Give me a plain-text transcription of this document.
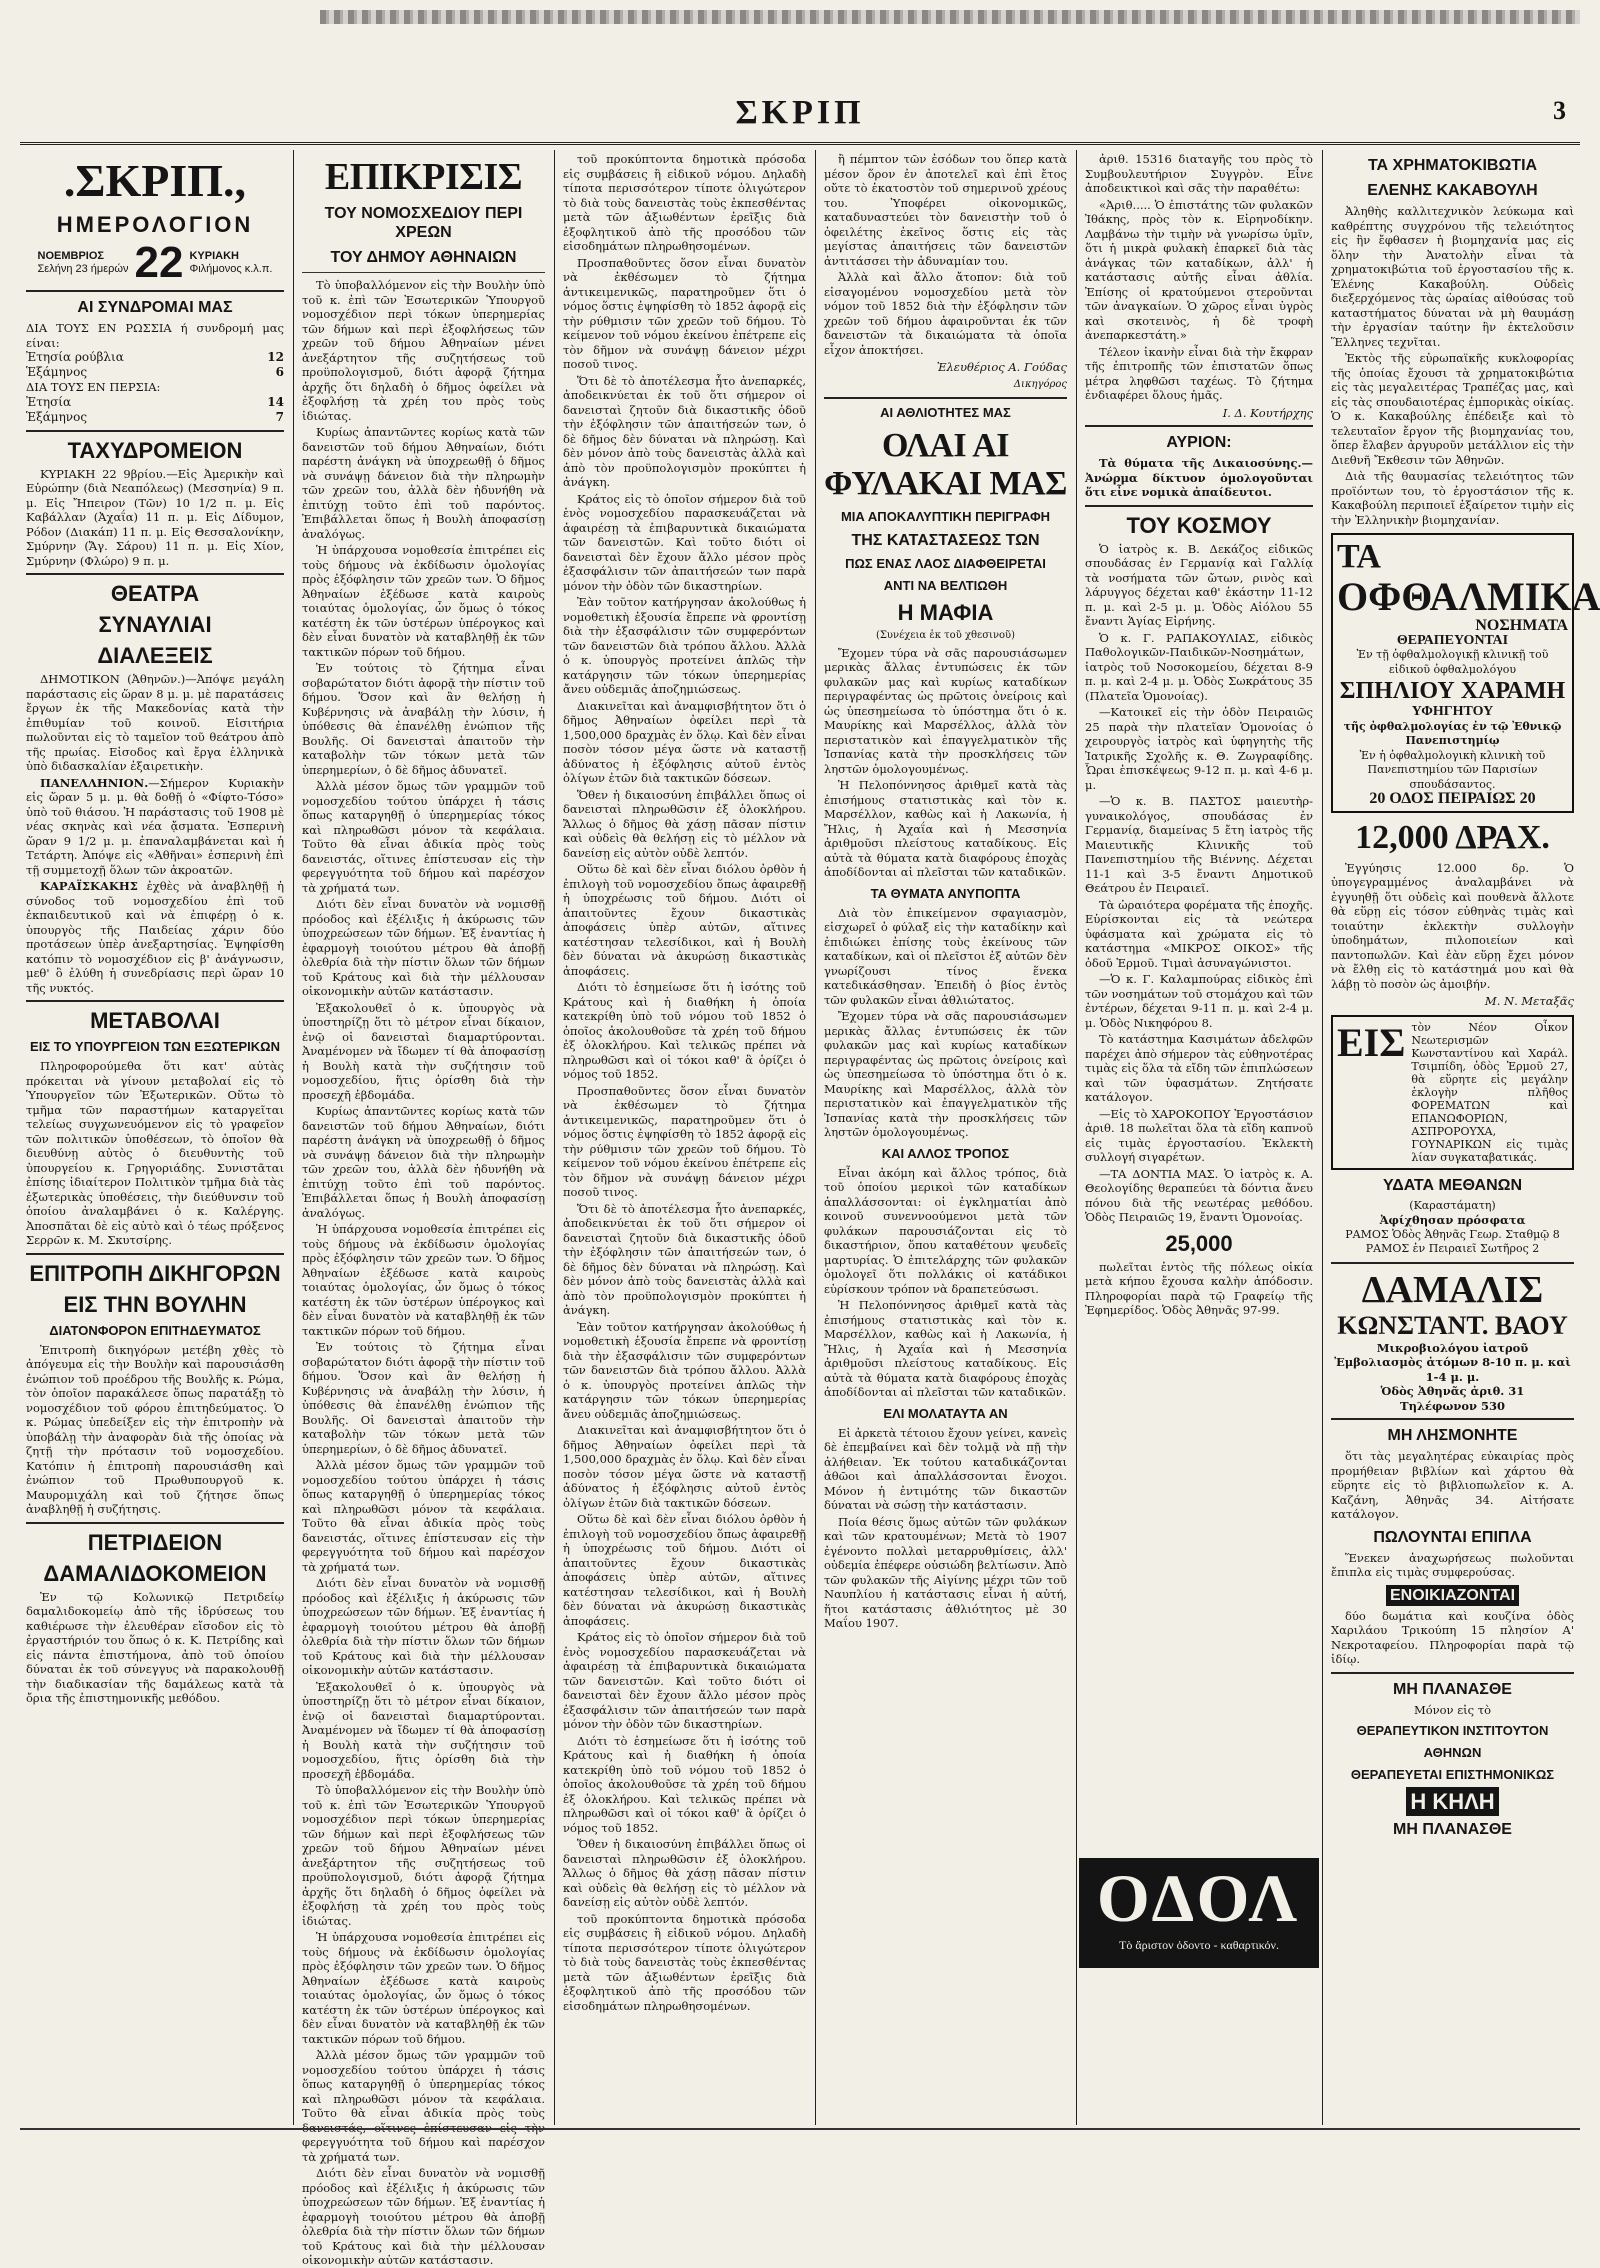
ΣΚΡΙΠ	3
.ΣΚΡΙΠ.,
ΗΜΕΡΟΛΟΓΙΟΝ
ΝΟΕΜΒΡΙΟΣ
Σελήνη 23 ήμερών 22 ΚΥΡΙΑΚΗ
Φιλήμονος κ.λ.π.
ΑΙ ΣΥΝΔΡΟΜΑΙ ΜΑΣ
ΔΙΑ ΤΟΥΣ ΕΝ ΡΩΣΣΙΑ ή συνδρομή μας είναι:
Ἐτησία ρούβλια	12
Ἑξάμηνος	6
ΔΙΑ ΤΟΥΣ ΕΝ ΠΕΡΣΙΑ:
Ἐτησία	14
Ἑξάμηνος	7
ΤΑΧΥΔΡΟΜΕΙΟΝ
ΚΥΡΙΑΚΗ 22 9βρίου.—Εἰς Ἀμερικὴν καὶ Εὐρώπην (διὰ Νεαπόλεως) (Μεσσηνία) 9 π. μ. Εἰς Ἤπειρον (Τῶν) 10 1/2 π. μ. Εἰς Καβάλλαν (Ἀχαΐα) 11 π. μ. Εἰς Δίδυμον, Ρόδον (Διακάπ) 11 π. μ. Εἰς Θεσσαλονίκην, Σμύρνην (Ἄγ. Σάρου) 11 π. μ. Εἰς Χίον, Σμύρνην (Φλώρο) 9 π. μ.
ΘΕΑΤΡΑ
ΣΥΝΑΥΛΙΑΙ
ΔΙΑΛΕΞΕΙΣ
ΔΗΜΟΤΙΚΟΝ (Ἀθηνῶν.)—Ἀπόψε μεγάλη παράστασις εἰς ὥραν 8 μ. μ. μὲ παρατάσεις ἔργων ἐκ τῆς Μακεδονίας κατὰ τὴν ἐπιθυμίαν τοῦ κοινοῦ. Εἰσιτήρια πωλοῦνται εἰς τὸ ταμεῖον τοῦ θεάτρου ἀπὸ τῆς πρωίας. Εἰσοδος καὶ ἔργα ἑλληνικὰ ὑπὸ διδασκαλίαν ἐξαιρετικὴν.
ΠΑΝΕΛΛΗΝΙΟΝ.—Σήμερον Κυριακὴν εἰς ὥραν 5 μ. μ. θὰ δοθῇ ὁ «Φίφτο-Τόσο» ὑπὸ τοῦ θιάσου. Ἡ παράστασις τοῦ 1908 μὲ νέας σκηνὰς καὶ νέα ᾄσματα. Ἑσπερινὴ ὥραν 9 1/2 μ. μ. ἐπαναλαμβάνεται καὶ ἡ Τετάρτη. Ἀπόψε εἰς «Ἀθῆναι» ἐσπερινὴ ἐπὶ τῇ συμμετοχῇ ὅλων τῶν ἀκροατῶν.
ΚΑΡΑΪΣΚΑΚΗΣ ἐχθὲς νὰ ἀναβληθῇ ἡ σύνοδος τοῦ νομοσχεδίου ἐπὶ τοῦ ἐκπαιδευτικοῦ καὶ νὰ ἐπιφέρῃ ὁ κ. ὑπουργὸς τῆς Παιδείας χάριν δύο προτάσεων ὑπὲρ ἀνεξαρτησίας. Ἐψηφίσθη κατόπιν τὸ νομοσχέδιον εἰς β' ἀνάγνωσιν, μεθ' ὃ ἐλύθη ἡ συνεδρίασις περὶ ὥραν 10 τῆς νυκτός.
ΜΕΤΑΒΟΛΑΙ
ΕΙΣ ΤΟ ΥΠΟΥΡΓΕΙΟΝ ΤΩΝ ΕΞΩΤΕΡΙΚΩΝ
Πληροφορούμεθα ὅτι κατ' αὐτὰς πρόκειται νὰ γίνουν μεταβολαί εἰς τὸ Ὑπουργεῖον τῶν Ἐξωτερικῶν. Οὕτω τὸ τμῆμα τῶν παραστήμων καταργεῖται τελείως συγχωνευόμενον εἰς τὸ γραφεῖον τῶν πολιτικῶν ὑποθέσεων, τὸ ὁποῖον θὰ διευθύνῃ αὐτὸς ὁ διευθυντὴς τοῦ ὑπουργείου κ. Γρηγοριάδης. Συνιστᾶται ἐπίσης ἰδιαίτερον Πολιτικὸν τμῆμα διὰ τὰς ἐξωτερικὰς ὑποθέσεις, τὴν διεύθυνσιν τοῦ ὁποίου ἀναλαμβάνει ὁ κ. Καλέργης. Ἀποσπᾶται δὲ εἰς αὐτὸ καὶ ὁ τέως πρόξενος Σερρῶν κ. Μ. Σκυτσίρης.
ΕΠΙΤΡΟΠΗ ΔΙΚΗΓΟΡΩΝ
ΕΙΣ ΤΗΝ ΒΟΥΛΗΝ
ΔΙΑΤΟΝΦΟΡΟΝ ΕΠΙΤΗΔΕΥΜΑΤΟΣ
Ἐπιτροπὴ δικηγόρων μετέβη χθὲς τὸ ἀπόγευμα εἰς τὴν Βουλὴν καὶ παρουσιάσθη ἐνώπιον τοῦ προέδρου τῆς Βουλῆς κ. Ρώμα, τὸν ὁποῖον παρακάλεσε ὅπως παρατάξῃ τὸ νομοσχέδιον τοῦ φόρου ἐπιτηδεύματος. Ὁ κ. Ρώμας ὑπεδείξεν εἰς τὴν ἐπιτροπὴν νὰ ὑποβάλῃ τὴν ἀναφορὰν διὰ τῆς ὁποίας νὰ ζητῇ τὴν πρότασιν τοῦ νομοσχεδίου. Κατόπιν ἡ ἐπιτροπὴ παρουσιάσθη καὶ ἐνώπιον τοῦ Πρωθυπουργοῦ κ. Μαυρομιχάλη καὶ τοῦ ζήτησε ὅπως ἀναβληθῇ ἡ συζήτησις.
ΠΕΤΡΙΔΕΙΟΝ
ΔΑΜΑΛΙΔΟΚΟΜΕΙΟΝ
Ἐν τῷ Κολωνικῷ Πετριδείῳ δαμαλιδοκομείῳ ἀπὸ τῆς ἰδρύσεως του καθιέρωσε τὴν ἐλευθέραν εἴσοδον εἰς τὸ ἐργαστήριόν του ὅπως ὁ κ. Κ. Πετρίδης καὶ εἰς πάντα ἐπιστήμονα, ἀπὸ τοῦ ὁποίου δύναται ἐκ τοῦ σύνεγγυς νὰ παρακολουθῇ τὴν διαδικασίαν τῆς δαμάλεως κατὰ τὰ ὄρια τῆς ἐπιστημονικῆς μεθόδου.
ΕΠΙΚΡΙΣΙΣ
ΤΟΥ ΝΟΜΟΣΧΕΔΙΟΥ ΠΕΡΙ ΧΡΕΩΝ
ΤΟΥ ΔΗΜΟΥ ΑΘΗΝΑΙΩΝ
Τὸ ὑποβαλλόμενον εἰς τὴν Βουλὴν ὑπὸ τοῦ κ. ἐπὶ τῶν Ἐσωτερικῶν Ὑπουργοῦ νομοσχέδιον περὶ τόκων ὑπερημερίας τῶν δήμων καὶ περὶ ἐξοφλήσεως τῶν χρεῶν τοῦ δήμου Ἀθηναίων μένει ἀνεξάρτητον τῆς συζητήσεως τοῦ προϋπολογισμοῦ, διότι ἀφορᾷ ζήτημα ἀρχῆς ὅτι δηλαδὴ ὁ δῆμος ὀφείλει νὰ ἐξοφλήσῃ τὰ χρέη του πρὸς τοὺς ἰδιώτας.
Κυρίως ἀπαντῶντες κορίως κατὰ τῶν δανειστῶν τοῦ δήμου Ἀθηναίων, διότι παρέστη ἀνάγκη νὰ ὑποχρεωθῇ ὁ δῆμος νὰ συνάψῃ δάνειον διὰ τὴν πληρωμὴν τῶν χρεῶν του, ἀλλὰ δὲν ἠδυνήθη νὰ ἐπιτύχῃ τοῦτο ἐπὶ τοῦ παρόντος. Ἐπιβάλλεται ὅπως ἡ Βουλὴ ἀποφασίσῃ ἀναλόγως.
Ἡ ὑπάρχουσα νομοθεσία ἐπιτρέπει εἰς τοὺς δήμους νὰ ἐκδίδωσιν ὁμολογίας πρὸς ἐξόφλησιν τῶν χρεῶν των. Ὁ δῆμος Ἀθηναίων ἐξέδωσε κατὰ καιροὺς τοιαύτας ὁμολογίας, ὧν ὅμως ὁ τόκος κατέστη ἐκ τῶν ὑστέρων ὑπέρογκος καὶ δὲν εἶναι δυνατὸν νὰ καταβληθῇ ἐκ τῶν τακτικῶν πόρων τοῦ δήμου.
Ἐν τούτοις τὸ ζήτημα εἶναι σοβαρώτατον διότι ἀφορᾷ τὴν πίστιν τοῦ δήμου. Ὅσον καὶ ἂν θελήσῃ ἡ Κυβέρνησις νὰ ἀναβάλῃ τὴν λύσιν, ἡ ὑπόθεσις θὰ ἐπανέλθῃ ἐνώπιον τῆς Βουλῆς. Οἱ δανεισταὶ ἀπαιτοῦν τὴν καταβολὴν τῶν τόκων μετὰ τῶν ὑπερημερίων, ὁ δὲ δῆμος ἀδυνατεῖ.
Ἀλλὰ μέσον ὅμως τῶν γραμμῶν τοῦ νομοσχεδίου τούτου ὑπάρχει ἡ τάσις ὅπως καταργηθῇ ὁ ὑπερημερίας τόκος καὶ πληρωθῶσι μόνον τὰ κεφάλαια. Τοῦτο θὰ εἶναι ἀδικία πρὸς τοὺς δανειστάς, οἵτινες ἐπίστευσαν εἰς τὴν φερεγγυότητα τοῦ δήμου καὶ παρέσχον τὰ χρήματά των.
Διότι δὲν εἶναι δυνατὸν νὰ νομισθῇ πρόοδος καὶ ἐξέλιξις ἡ ἀκύρωσις τῶν ὑποχρεώσεων τῶν δήμων. Ἐξ ἐναντίας ἡ ἐφαρμογὴ τοιούτου μέτρου θὰ ἀποβῇ ὀλεθρία διὰ τὴν πίστιν ὅλων τῶν δήμων τοῦ Κράτους καὶ διὰ τὴν μέλλουσαν οἰκονομικὴν αὐτῶν κατάστασιν.
Ἐξακολουθεῖ ὁ κ. ὑπουργὸς νὰ ὑποστηρίζῃ ὅτι τὸ μέτρον εἶναι δίκαιον, ἐνῷ οἱ δανεισταὶ διαμαρτύρονται. Ἀναμένομεν νὰ ἴδωμεν τί θὰ ἀποφασίσῃ ἡ Βουλὴ κατὰ τὴν συζήτησιν τοῦ νομοσχεδίου, ἥτις ὁρίσθη διὰ τὴν προσεχῆ ἑβδομάδα.
Κυρίως ἀπαντῶντες κορίως κατὰ τῶν δανειστῶν τοῦ δήμου Ἀθηναίων, διότι παρέστη ἀνάγκη νὰ ὑποχρεωθῇ ὁ δῆμος νὰ συνάψῃ δάνειον διὰ τὴν πληρωμὴν τῶν χρεῶν του, ἀλλὰ δὲν ἠδυνήθη νὰ ἐπιτύχῃ τοῦτο ἐπὶ τοῦ παρόντος. Ἐπιβάλλεται ὅπως ἡ Βουλὴ ἀποφασίσῃ ἀναλόγως.
Ἡ ὑπάρχουσα νομοθεσία ἐπιτρέπει εἰς τοὺς δήμους νὰ ἐκδίδωσιν ὁμολογίας πρὸς ἐξόφλησιν τῶν χρεῶν των. Ὁ δῆμος Ἀθηναίων ἐξέδωσε κατὰ καιροὺς τοιαύτας ὁμολογίας, ὧν ὅμως ὁ τόκος κατέστη ἐκ τῶν ὑστέρων ὑπέρογκος καὶ δὲν εἶναι δυνατὸν νὰ καταβληθῇ ἐκ τῶν τακτικῶν πόρων τοῦ δήμου.
Ἐν τούτοις τὸ ζήτημα εἶναι σοβαρώτατον διότι ἀφορᾷ τὴν πίστιν τοῦ δήμου. Ὅσον καὶ ἂν θελήσῃ ἡ Κυβέρνησις νὰ ἀναβάλῃ τὴν λύσιν, ἡ ὑπόθεσις θὰ ἐπανέλθῃ ἐνώπιον τῆς Βουλῆς. Οἱ δανεισταὶ ἀπαιτοῦν τὴν καταβολὴν τῶν τόκων μετὰ τῶν ὑπερημερίων, ὁ δὲ δῆμος ἀδυνατεῖ.
Ἀλλὰ μέσον ὅμως τῶν γραμμῶν τοῦ νομοσχεδίου τούτου ὑπάρχει ἡ τάσις ὅπως καταργηθῇ ὁ ὑπερημερίας τόκος καὶ πληρωθῶσι μόνον τὰ κεφάλαια. Τοῦτο θὰ εἶναι ἀδικία πρὸς τοὺς δανειστάς, οἵτινες ἐπίστευσαν εἰς τὴν φερεγγυότητα τοῦ δήμου καὶ παρέσχον τὰ χρήματά των.
Διότι δὲν εἶναι δυνατὸν νὰ νομισθῇ πρόοδος καὶ ἐξέλιξις ἡ ἀκύρωσις τῶν ὑποχρεώσεων τῶν δήμων. Ἐξ ἐναντίας ἡ ἐφαρμογὴ τοιούτου μέτρου θὰ ἀποβῇ ὀλεθρία διὰ τὴν πίστιν ὅλων τῶν δήμων τοῦ Κράτους καὶ διὰ τὴν μέλλουσαν οἰκονομικὴν αὐτῶν κατάστασιν.
Ἐξακολουθεῖ ὁ κ. ὑπουργὸς νὰ ὑποστηρίζῃ ὅτι τὸ μέτρον εἶναι δίκαιον, ἐνῷ οἱ δανεισταὶ διαμαρτύρονται. Ἀναμένομεν νὰ ἴδωμεν τί θὰ ἀποφασίσῃ ἡ Βουλὴ κατὰ τὴν συζήτησιν τοῦ νομοσχεδίου, ἥτις ὁρίσθη διὰ τὴν προσεχῆ ἑβδομάδα.
Τὸ ὑποβαλλόμενον εἰς τὴν Βουλὴν ὑπὸ τοῦ κ. ἐπὶ τῶν Ἐσωτερικῶν Ὑπουργοῦ νομοσχέδιον περὶ τόκων ὑπερημερίας τῶν δήμων καὶ περὶ ἐξοφλήσεως τῶν χρεῶν τοῦ δήμου Ἀθηναίων μένει ἀνεξάρτητον τῆς συζητήσεως τοῦ προϋπολογισμοῦ, διότι ἀφορᾷ ζήτημα ἀρχῆς ὅτι δηλαδὴ ὁ δῆμος ὀφείλει νὰ ἐξοφλήσῃ τὰ χρέη του πρὸς τοὺς ἰδιώτας.
Ἡ ὑπάρχουσα νομοθεσία ἐπιτρέπει εἰς τοὺς δήμους νὰ ἐκδίδωσιν ὁμολογίας πρὸς ἐξόφλησιν τῶν χρεῶν των. Ὁ δῆμος Ἀθηναίων ἐξέδωσε κατὰ καιροὺς τοιαύτας ὁμολογίας, ὧν ὅμως ὁ τόκος κατέστη ἐκ τῶν ὑστέρων ὑπέρογκος καὶ δὲν εἶναι δυνατὸν νὰ καταβληθῇ ἐκ τῶν τακτικῶν πόρων τοῦ δήμου.
Ἀλλὰ μέσον ὅμως τῶν γραμμῶν τοῦ νομοσχεδίου τούτου ὑπάρχει ἡ τάσις ὅπως καταργηθῇ ὁ ὑπερημερίας τόκος καὶ πληρωθῶσι μόνον τὰ κεφάλαια. Τοῦτο θὰ εἶναι ἀδικία πρὸς τοὺς δανειστάς, οἵτινες ἐπίστευσαν εἰς τὴν φερεγγυότητα τοῦ δήμου καὶ παρέσχον τὰ χρήματά των.
Διότι δὲν εἶναι δυνατὸν νὰ νομισθῇ πρόοδος καὶ ἐξέλιξις ἡ ἀκύρωσις τῶν ὑποχρεώσεων τῶν δήμων. Ἐξ ἐναντίας ἡ ἐφαρμογὴ τοιούτου μέτρου θὰ ἀποβῇ ὀλεθρία διὰ τὴν πίστιν ὅλων τῶν δήμων τοῦ Κράτους καὶ διὰ τὴν μέλλουσαν οἰκονομικὴν αὐτῶν κατάστασιν.
τοῦ προκύπτοντα δημοτικὰ πρόσοδα εἰς συμβάσεις ἢ εἰδικοῦ νόμου. Δηλαδὴ τίποτα περισσότερον τίποτε ὀλιγώτερον τὸ διὰ τοὺς δανειστὰς τοὺς ἐκπεσθέντας μετὰ τῶν ἀξιωθέντων ἐρεῖξις διὰ ἐξοφλητικοῦ ἀπὸ τῆς προσόδου τῶν εἰσοδημάτων πληρωθησομένων.
Προσπαθοῦντες ὅσον εἶναι δυνατὸν νὰ ἐκθέσωμεν τὸ ζήτημα ἀντικειμενικῶς, παρατηροῦμεν ὅτι ὁ νόμος ὅστις ἐψηφίσθη τὸ 1852 ἀφορᾷ εἰς τὴν ρύθμισιν τῶν χρεῶν τοῦ δήμου. Τὸ κείμενον τοῦ νόμου ἐκείνου ἐπέτρεπε εἰς τὸν δῆμον νὰ συνάψῃ δάνειον μέχρι ποσοῦ τινος.
Ὅτι δὲ τὸ ἀποτέλεσμα ἦτο ἀνεπαρκές, ἀποδεικνύεται ἐκ τοῦ ὅτι σήμερον οἱ δανεισταὶ ζητοῦν διὰ δικαστικῆς ὁδοῦ τὴν ἐξόφλησιν τῶν ἀπαιτήσεών των, ὁ δὲ δῆμος δὲν δύναται νὰ πληρώσῃ. Καὶ δὲν μόνον ἀπὸ τοὺς δανειστὰς ἀλλὰ καὶ ἀπὸ τὸν προϋπολογισμὸν προκύπτει ἡ ἀνάγκη.
Κράτος εἰς τὸ ὁποῖον σήμερον διὰ τοῦ ἑνὸς νομοσχεδίου παρασκευάζεται νὰ ἀφαιρέσῃ τὰ ἐπιβαρυντικὰ δικαιώματα τῶν δανειστῶν. Καὶ τοῦτο διότι οἱ δανεισταὶ δὲν ἔχουν ἄλλο μέσον πρὸς ἐξασφάλισιν τῶν ἀπαιτήσεών των παρὰ μόνον τὴν ὁδὸν τῶν δικαστηρίων.
Ἐὰν τοῦτον κατήργησαν ἀκολούθως ἡ νομοθετικὴ ἐξουσία ἔπρεπε νὰ φροντίσῃ διὰ τὴν ἐξασφάλισιν τῶν συμφερόντων τῶν δανειστῶν διὰ τρόπου ἄλλου. Ἀλλὰ ὁ κ. ὑπουργὸς προτείνει ἁπλῶς τὴν κατάργησιν τῶν τόκων ὑπερημερίας ἄνευ οὐδεμιᾶς ἀποζημιώσεως.
Διακινεῖται καὶ ἀναμφισβήτητον ὅτι ὁ δῆμος Ἀθηναίων ὀφείλει περὶ τὰ 1,500,000 δραχμὰς ἐν ὅλῳ. Καὶ δὲν εἶναι ποσὸν τόσον μέγα ὥστε νὰ καταστῇ ἀδύνατος ἡ ἐξόφλησις αὐτοῦ ἐντὸς ὀλίγων ἐτῶν διὰ τακτικῶν δόσεων.
Ὅθεν ἡ δικαιοσύνη ἐπιβάλλει ὅπως οἱ δανεισταὶ πληρωθῶσιν ἐξ ὁλοκλήρου. Ἄλλως ὁ δῆμος θὰ χάσῃ πᾶσαν πίστιν καὶ οὐδεὶς θὰ θελήσῃ εἰς τὸ μέλλον νὰ δανείσῃ εἰς αὐτὸν οὐδὲ λεπτόν.
Οὕτω δὲ καὶ δὲν εἶναι διόλου ὀρθὸν ἡ ἐπιλογὴ τοῦ νομοσχεδίου ὅπως ἀφαιρεθῇ ἡ ὑποχρέωσις τοῦ δήμου. Διότι οἱ ἀπαιτοῦντες ἔχουν δικαστικὰς ἀποφάσεις ὑπὲρ αὐτῶν, αἵτινες κατέστησαν τελεσίδικοι, καὶ ἡ Βουλὴ δὲν δύναται νὰ ἀκυρώσῃ δικαστικὰς ἀποφάσεις.
Διότι τὸ ἐσημείωσε ὅτι ἡ ἰσότης τοῦ Κράτους καὶ ἡ διαθήκη ἡ ὁποία κατεκρίθη ὑπὸ τοῦ νόμου τοῦ 1852 ὁ ὁποῖος ἀκολουθοῦσε τὰ χρέη τοῦ δήμου ἐξ ὁλοκλήρου. Καὶ τελικῶς πρέπει νὰ πληρωθῶσι καὶ οἱ τόκοι καθ' ἃ ὁρίζει ὁ νόμος τοῦ 1852.
Προσπαθοῦντες ὅσον εἶναι δυνατὸν νὰ ἐκθέσωμεν τὸ ζήτημα ἀντικειμενικῶς, παρατηροῦμεν ὅτι ὁ νόμος ὅστις ἐψηφίσθη τὸ 1852 ἀφορᾷ εἰς τὴν ρύθμισιν τῶν χρεῶν τοῦ δήμου. Τὸ κείμενον τοῦ νόμου ἐκείνου ἐπέτρεπε εἰς τὸν δῆμον νὰ συνάψῃ δάνειον μέχρι ποσοῦ τινος.
Ὅτι δὲ τὸ ἀποτέλεσμα ἦτο ἀνεπαρκές, ἀποδεικνύεται ἐκ τοῦ ὅτι σήμερον οἱ δανεισταὶ ζητοῦν διὰ δικαστικῆς ὁδοῦ τὴν ἐξόφλησιν τῶν ἀπαιτήσεών των, ὁ δὲ δῆμος δὲν δύναται νὰ πληρώσῃ. Καὶ δὲν μόνον ἀπὸ τοὺς δανειστὰς ἀλλὰ καὶ ἀπὸ τὸν προϋπολογισμὸν προκύπτει ἡ ἀνάγκη.
Ἐὰν τοῦτον κατήργησαν ἀκολούθως ἡ νομοθετικὴ ἐξουσία ἔπρεπε νὰ φροντίσῃ διὰ τὴν ἐξασφάλισιν τῶν συμφερόντων τῶν δανειστῶν διὰ τρόπου ἄλλου. Ἀλλὰ ὁ κ. ὑπουργὸς προτείνει ἁπλῶς τὴν κατάργησιν τῶν τόκων ὑπερημερίας ἄνευ οὐδεμιᾶς ἀποζημιώσεως.
Διακινεῖται καὶ ἀναμφισβήτητον ὅτι ὁ δῆμος Ἀθηναίων ὀφείλει περὶ τὰ 1,500,000 δραχμὰς ἐν ὅλῳ. Καὶ δὲν εἶναι ποσὸν τόσον μέγα ὥστε νὰ καταστῇ ἀδύνατος ἡ ἐξόφλησις αὐτοῦ ἐντὸς ὀλίγων ἐτῶν διὰ τακτικῶν δόσεων.
Οὕτω δὲ καὶ δὲν εἶναι διόλου ὀρθὸν ἡ ἐπιλογὴ τοῦ νομοσχεδίου ὅπως ἀφαιρεθῇ ἡ ὑποχρέωσις τοῦ δήμου. Διότι οἱ ἀπαιτοῦντες ἔχουν δικαστικὰς ἀποφάσεις ὑπὲρ αὐτῶν, αἵτινες κατέστησαν τελεσίδικοι, καὶ ἡ Βουλὴ δὲν δύναται νὰ ἀκυρώσῃ δικαστικὰς ἀποφάσεις.
Κράτος εἰς τὸ ὁποῖον σήμερον διὰ τοῦ ἑνὸς νομοσχεδίου παρασκευάζεται νὰ ἀφαιρέσῃ τὰ ἐπιβαρυντικὰ δικαιώματα τῶν δανειστῶν. Καὶ τοῦτο διότι οἱ δανεισταὶ δὲν ἔχουν ἄλλο μέσον πρὸς ἐξασφάλισιν τῶν ἀπαιτήσεών των παρὰ μόνον τὴν ὁδὸν τῶν δικαστηρίων.
Διότι τὸ ἐσημείωσε ὅτι ἡ ἰσότης τοῦ Κράτους καὶ ἡ διαθήκη ἡ ὁποία κατεκρίθη ὑπὸ τοῦ νόμου τοῦ 1852 ὁ ὁποῖος ἀκολουθοῦσε τὰ χρέη τοῦ δήμου ἐξ ὁλοκλήρου. Καὶ τελικῶς πρέπει νὰ πληρωθῶσι καὶ οἱ τόκοι καθ' ἃ ὁρίζει ὁ νόμος τοῦ 1852.
Ὅθεν ἡ δικαιοσύνη ἐπιβάλλει ὅπως οἱ δανεισταὶ πληρωθῶσιν ἐξ ὁλοκλήρου. Ἄλλως ὁ δῆμος θὰ χάσῃ πᾶσαν πίστιν καὶ οὐδεὶς θὰ θελήσῃ εἰς τὸ μέλλον νὰ δανείσῃ εἰς αὐτὸν οὐδὲ λεπτόν.
τοῦ προκύπτοντα δημοτικὰ πρόσοδα εἰς συμβάσεις ἢ εἰδικοῦ νόμου. Δηλαδὴ τίποτα περισσότερον τίποτε ὀλιγώτερον τὸ διὰ τοὺς δανειστὰς τοὺς ἐκπεσθέντας μετὰ τῶν ἀξιωθέντων ἐρεῖξις διὰ ἐξοφλητικοῦ ἀπὸ τῆς προσόδου τῶν εἰσοδημάτων πληρωθησομένων.
ἢ πέμπτον τῶν ἐσόδων του ὅπερ κατὰ μέσον ὅρον ἐν ἀποτελεῖ καὶ ἐπὶ ἔτος οὔτε τὸ ἑκατοστὸν τοῦ σημερινοῦ χρέους του. Ὑποφέρει οἰκονομικῶς, καταδυναστεύει τὸν δανειστὴν τοῦ ὁ ὀφειλέτης ἐκεῖνος ὅστις εἰς τὰς μεγίστας ἀπαιτήσεις τῶν δανειστῶν ἀντιτάσσει τὴν ἀδυναμίαν του.
Ἀλλὰ καὶ ἄλλο ἄτοπον: διὰ τοῦ εἰσαγομένου νομοσχεδίου μετὰ τὸν νόμον τοῦ 1852 διὰ τὴν ἐξόφλησιν τῶν χρεῶν τοῦ δήμου ἀφαιροῦνται ἐκ τῶν δανειστῶν τὰ δικαιώματα τὰ ὁποῖα εἶχον ἀποκτήσει.
Ἐλευθέριος Α. Γούδας
Δικηγόρος
ΑΙ ΑΘΛΙΟΤΗΤΕΣ ΜΑΣ
ΟΛΑΙ ΑΙ ΦΥΛΑΚΑΙ ΜΑΣ
ΜΙΑ ΑΠΟΚΑΛΥΠΤΙΚΗ ΠΕΡΙΓΡΑΦΗ
ΤΗΣ ΚΑΤΑΣΤΑΣΕΩΣ ΤΩΝ
ΠΩΣ ΕΝΑΣ ΛΑΟΣ ΔΙΑΦΘΕΙΡΕΤΑΙ
ΑΝΤΙ ΝΑ ΒΕΛΤΙΩΘΗ
Η ΜΑΦΙΑ
(Συνέχεια ἐκ τοῦ χθεσινοῦ)
Ἔχομεν τύρα νὰ σᾶς παρουσιάσωμεν μερικὰς ἄλλας ἐντυπώσεις ἐκ τῶν φυλακῶν μας καὶ κυρίως καταδίκων περιγραφέντας ὡς πρῶτοις ὀνείροις καὶ ὡς ὑπεσημείωσα τὸ ὑπόστημα ὅτι ὁ κ. Μαυρίκης καὶ Μαρσέλλος, ἀλλὰ τὸν περιστατικὸν καὶ ἐπαγγελματικὸν τῆς Ἰσπανίας κατὰ τὴν προσκλήσεις τῶν ληστῶν ὁμολογουμένως.
Ἡ Πελοπόννησος ἀριθμεῖ κατὰ τὰς ἐπισήμους στατιστικὰς καὶ τὸν κ. Μαρσέλλον, καθὼς καὶ ἡ Λακωνία, ἡ Ἤλις, ἡ Ἀχαΐα καὶ ἡ Μεσσηνία ἀριθμοῦσι πλείστους καταδίκους. Εἰς αὐτὰ τὰ θύματα κατὰ διαφόρους ἐποχὰς ἀποδίδονται αἱ πλεῖσται τῶν καταδικῶν.
ΤΑ ΘΥΜΑΤΑ ΑΝΥΠΟΠΤΑ
Διὰ τὸν ἐπικείμενον σφαγιασμὸν, εἰσχωρεῖ ὁ φύλαξ εἰς τὴν καταδίκην καὶ ἐπιδιώκει ἐπίσης τοὺς ἐκείνους τῶν καταδίκων, καὶ οἱ πλεῖστοι ἐξ αὐτῶν δὲν γνωρίζουσι τίνος ἕνεκα κατεδικάσθησαν. Ἐπειδὴ ὁ βίος ἐντὸς τῶν φυλακῶν εἶναι ἀθλιώτατος.
Ἔχομεν τύρα νὰ σᾶς παρουσιάσωμεν μερικὰς ἄλλας ἐντυπώσεις ἐκ τῶν φυλακῶν μας καὶ κυρίως καταδίκων περιγραφέντας ὡς πρῶτοις ὀνείροις καὶ ὡς ὑπεσημείωσα τὸ ὑπόστημα ὅτι ὁ κ. Μαυρίκης καὶ Μαρσέλλος, ἀλλὰ τὸν περιστατικὸν καὶ ἐπαγγελματικὸν τῆς Ἰσπανίας κατὰ τὴν προσκλήσεις τῶν ληστῶν ὁμολογουμένως.
ΚΑΙ ΑΛΛΟΣ ΤΡΟΠΟΣ
Εἶναι ἀκόμη καὶ ἄλλος τρόπος, διὰ τοῦ ὁποίου μερικοὶ τῶν καταδίκων ἀπαλλάσσονται: οἱ ἐγκληματίαι ἀπὸ κοινοῦ συνεννοούμενοι μετὰ τῶν φυλάκων παρουσιάζονται εἰς τὸ δικαστήριον, ὅπου καταθέτουν ψευδεῖς μαρτυρίας. Ὁ ἐπιτελάρχης τῶν φυλακῶν ὁμολογεῖ ὅτι πολλάκις οἱ κατάδικοι εὑρίσκουν τρόπον νὰ δραπετεύσωσι.
Ἡ Πελοπόννησος ἀριθμεῖ κατὰ τὰς ἐπισήμους στατιστικὰς καὶ τὸν κ. Μαρσέλλον, καθὼς καὶ ἡ Λακωνία, ἡ Ἤλις, ἡ Ἀχαΐα καὶ ἡ Μεσσηνία ἀριθμοῦσι πλείστους καταδίκους. Εἰς αὐτὰ τὰ θύματα κατὰ διαφόρους ἐποχὰς ἀποδίδονται αἱ πλεῖσται τῶν καταδικῶν.
ΕΛΙ ΜΟΛΑΤΑΥΤΑ ΑΝ
Εἰ ἀρκετὰ τέτοιου ἔχουν γείνει, κανεὶς δὲ ἐπεμβαίνει καὶ δὲν τολμᾷ νὰ πῇ τὴν ἀλήθειαν. Ἐκ τούτου καταδικάζονται ἀθῶοι καὶ ἀπαλλάσσονται ἔνοχοι. Μόνον ἡ ἐντιμότης τῶν δικαστῶν δύναται νὰ σώσῃ τὴν κατάστασιν.
Ποία θέσις ὅμως αὐτῶν τῶν φυλάκων καὶ τῶν κρατουμένων; Μετὰ τὸ 1907 ἐγένοντο πολλαὶ μεταρρυθμίσεις, ἀλλ' οὐδεμία ἐπέφερε οὐσιώδη βελτίωσιν. Ἀπὸ τῶν φυλακῶν τῆς Αἰγίνης μέχρι τῶν τοῦ Ναυπλίου ἡ κατάστασις εἶναι ἡ αὐτή, ἥτοι κατάστασις ἀθλιότητος μὲ 30 Μαΐου 1907.
ἀριθ. 15316 διαταγῆς του πρὸς τὸ Συμβουλευτήριον Συγγρὸν. Εἶνε ἀποδεικτικοὶ καὶ σᾶς τὴν παραθέτω:
«Ἀριθ..... Ὁ ἐπιστάτης τῶν φυλακῶν Ἰθάκης, πρὸς τὸν κ. Εἰρηνοδίκην. Λαμβάνω τὴν τιμὴν νὰ γνωρίσω ὑμῖν, ὅτι ἡ μικρὰ φυλακὴ ἐπαρκεῖ διὰ τὰς ἀνάγκας τῶν καταδίκων, ἀλλ' ἡ κατάστασις αὐτῆς εἶναι ἀθλία. Ἐπίσης οἱ κρατούμενοι στεροῦνται τῶν ἀναγκαίων. Ὁ χῶρος εἶναι ὑγρὸς καὶ σκοτεινὸς, ἡ δὲ τροφὴ ἀνεπαρκεστάτη.»
Τέλεον ἱκανὴν εἶναι διὰ τὴν ἔκφραν τῆς ἐπιτροπῆς τῶν ἐπιστατῶν ὅπως μέτρα ληφθῶσι ταχέως. Τὸ ζήτημα ἐνδιαφέρει ὅλους ἡμᾶς.
Ι. Δ. Κουτήρχης
ΑΥΡΙΟΝ:
Τὰ θύματα τῆς Δικαιοσύνης.—Ἀνώρμα δίκτυον ὁμολογοῦνται ὅτι εἶνε νομικὰ ἀπαίδευτοι.
ΤΟΥ ΚΟΣΜΟΥ
Ὁ ἰατρὸς κ. Β. Δεκάζος εἰδικῶς σπουδάσας ἐν Γερμανίᾳ καὶ Γαλλίᾳ τὰ νοσήματα τῶν ὤτων, ρινὸς καὶ λάρυγγος δέχεται καθ' ἑκάστην 11-12 π. μ. καὶ 2-5 μ. μ. Ὁδὸς Αἰόλου 55 ἔναντι Ἁγίας Εἰρήνης.
Ὁ κ. Γ. ΡΑΠΑΚΟΥΛΙΑΣ, εἰδικὸς Παθολογικῶν-Παιδικῶν-Νοσημάτων, ἰατρὸς τοῦ Νοσοκομείου, δέχεται 8-9 π. μ. καὶ 2-4 μ. μ. Ὁδὸς Σωκράτους 35 (Πλατεῖα Ὁμονοίας).
—Κατοικεῖ εἰς τὴν ὁδὸν Πειραιῶς 25 παρὰ τὴν πλατεῖαν Ὁμονοίας ὁ χειρουργὸς ἰατρὸς καὶ ὑφηγητὴς τῆς Ἰατρικῆς Σχολῆς κ. Θ. Ζωγραφίδης. Ὧραι ἐπισκέψεως 9-12 π. μ. καὶ 4-6 μ. μ.
—Ὁ κ. Β. ΠΑΣΤΟΣ μαιευτὴρ-γυναικολόγος, σπουδάσας ἐν Γερμανίᾳ, διαμείνας 5 ἔτη ἰατρὸς τῆς Μαιευτικῆς Κλινικῆς τοῦ Πανεπιστημίου τῆς Βιέννης. Δέχεται 11-1 καὶ 3-5 ἔναντι Δημοτικοῦ Θεάτρου ἐν Πειραιεῖ.
Τὰ ὡραιότερα φορέματα τῆς ἐποχῆς. Εὑρίσκονται εἰς τὰ νεώτερα ὑφάσματα καὶ χρώματα εἰς τὸ κατάστημα «ΜΙΚΡΟΣ ΟΙΚΟΣ» τῆς ὁδοῦ Ἑρμοῦ. Τιμαὶ ἀσυναγώνιστοι.
—Ὁ κ. Γ. Καλαμπούρας εἰδικὸς ἐπὶ τῶν νοσημάτων τοῦ στομάχου καὶ τῶν ἐντέρων, δέχεται 9-11 π. μ. καὶ 2-4 μ. μ. Ὁδὸς Νικηφόρου 8.
Τὸ κατάστημα Κασιμάτων ἀδελφῶν παρέχει ἀπὸ σήμερον τὰς εὐθηνοτέρας τιμὰς εἰς ὅλα τὰ εἴδη τῶν ἐπιπλώσεων καὶ τῶν ὑφασμάτων. Ζητήσατε κατάλογον.
—Εἰς τὸ ΧΑΡΟΚΟΠΟΥ Ἐργοστάσιον ἀριθ. 18 πωλεῖται ὅλα τὰ εἴδη καπνοῦ εἰς τιμὰς ἐργοστασίου. Ἐκλεκτὴ συλλογή σιγαρέτων.
—ΤΑ ΔΟΝΤΙΑ ΜΑΣ. Ὁ ἰατρὸς κ. Α. Θεολογίδης θεραπεύει τὰ δόντια ἄνευ πόνου διὰ τῆς νεωτέρας μεθόδου. Ὁδὸς Πειραιῶς 19, ἔναντι Ὁμονοίας.
25,000
πωλεῖται ἐντὸς τῆς πόλεως οἰκία μετὰ κήπου ἔχουσα καλὴν ἀπόδοσιν. Πληροφορίαι παρὰ τῷ Γραφείῳ τῆς Ἐφημερίδος. Ὁδὸς Ἀθηνᾶς 97-99.
ΟΔΟΛ
Τὸ ἄριστον ὀδοντο - καθαρτικόν.
ΤΑ ΧΡΗΜΑΤΟΚΙΒΩΤΙΑ
ΕΛΕΝΗΣ ΚΑΚΑΒΟΥΛΗ
Ἀληθὴς καλλιτεχνικὸν λεύκωμα καὶ καθρέπτης συγχρόνου τῆς τελειότητος εἰς ἣν ἔφθασεν ἡ βιομηχανία μας εἰς ὅλην τὴν Ἀνατολὴν εἶναι τὰ χρηματοκιβώτια τοῦ ἐργοστασίου τῆς κ. Ἑλένης Κακαβούλη. Οὐδεὶς διεξερχόμενος τὰς ὡραίας αἰθούσας τοῦ καταστήματος δύναται νὰ μὴ θαυμάσῃ τὴν ἐργασίαν ταύτην ἣν ἐκτελοῦσιν Ἕλληνες τεχνῖται.
Ἐκτὸς τῆς εὐρωπαϊκῆς κυκλοφορίας τῆς ὁποίας ἔχουσι τὰ χρηματοκιβώτια εἰς τὰς μεγαλειτέρας Τραπέζας μας, καὶ εἰς τὰς σπουδαιοτέρας ἐμπορικὰς οἰκίας. Ὁ κ. Κακαβούλης ἐπέδειξε καὶ τὸ τελευταῖον ἔργον τῆς βιομηχανίας του, ὅπερ ἔλαβεν ἀργυροῦν μετάλλιον εἰς τὴν Διεθνῆ Ἔκθεσιν τῶν Ἀθηνῶν.
Διὰ τῆς θαυμασίας τελειότητος τῶν προϊόντων του, τὸ ἐργοστάσιον τῆς κ. Κακαβούλη περιποιεῖ ἐξαίρετον τιμὴν εἰς τὴν Ἑλληνικὴν βιομηχανίαν.
ΤΑ
ΟΦΘΑΛΜΙΚΑ
ΝΟΣΗΜΑΤΑ
ΘΕΡΑΠΕΥΟΝΤΑΙ
Ἐν τῇ ὀφθαλμολογικῇ κλινικῇ τοῦ εἰδικοῦ ὀφθαλμολόγου
ΣΠΗΛΙΟΥ ΧΑΡΑΜΗ
ΥΦΗΓΗΤΟΥ
τῆς ὀφθαλμολογίας ἐν τῷ Ἐθνικῷ Πανεπιστημίῳ
Ἐν ἡ ὀφθαλμολογικὴ κλινικὴ τοῦ Πανεπιστημίου τῶν Παρισίων σπουδάσαντος.
20 ΟΔΟΣ ΠΕΙΡΑΙΩΣ 20
12,000 ΔΡΑΧ.
Ἐγγύησις 12.000 δρ. Ὁ ὑπογεγραμμένος ἀναλαμβάνει νὰ ἐγγυηθῇ ὅτι οὐδεὶς καὶ πουθενὰ ἄλλοτε θὰ εὕρῃ εἰς τόσον εὐθηνὰς τιμὰς καὶ τοιαύτην ἐκλεκτὴν συλλογὴν ὑποδημάτων, πιλοποιείων καὶ παντοπωλῶν. Καὶ ἐὰν εὕρῃ ἔχει μόνον νὰ ἔλθῃ εἰς τὸ κατάστημά μου καὶ θὰ λάβῃ τὸ ποσὸν ὡς ἀμοιβήν.
Μ. Ν. Μεταξᾶς
ΕΙΣ τὸν Νέον Οἶκον Νεωτερισμῶν Κωνσταντίνου καὶ Χαράλ. Τσιμπίδη, ὁδὸς Ἑρμοῦ 27, θὰ εὕρητε εἰς μεγάλην ἐκλογὴν πλῆθος ΦΟΡΕΜΑΤΩΝ καὶ ΕΠΑΝΩΦΟΡΙΩΝ, ΑΣΠΡΟΡΟΥΧΑ, ΓΟΥΝΑΡΙΚΩΝ εἰς τιμὰς λίαν συγκαταβατικάς.
ΥΔΑΤΑ ΜΕΘΑΝΩΝ
(Καραστάματη)
Ἀφίχθησαν πρόσφατα
ΡΑΜΟΣ Ὁδὸς Ἀθηνᾶς Γεωρ. Σταθμῷ 8
ΡΑΜΟΣ ἐν Πειραιεῖ Σωτῆρος 2
ΔΑΜΑΛΙΣ
ΚΩΝΣΤΑΝΤ. ΒΑΟΥ
Μικροβιολόγου ἰατροῦ
Ἐμβολιασμὸς ἀτόμων 8-10 π. μ. καὶ 1-4 μ. μ.
Ὁδὸς Ἀθηνᾶς ἀριθ. 31
Τηλέφωνον 530
ΜΗ ΛΗΣΜΟΝΗΤΕ
ὅτι τὰς μεγαλητέρας εὐκαιρίας πρὸς προμήθειαν βιβλίων καὶ χάρτου θὰ εὕρητε εἰς τὸ βιβλιοπωλεῖον κ. Α. Καζάνη, Ἀθηνᾶς 34. Αἰτήσατε κατάλογον.
ΠΩΛΟΥΝΤΑΙ ΕΠΙΠΛΑ
Ἕνεκεν ἀναχωρήσεως πωλοῦνται ἔπιπλα εἰς τιμὰς συμφερούσας.
ΕΝΟΙΚΙΑΖΟΝΤΑΙ
δύο δωμάτια καὶ κουζίνα ὁδὸς Χαριλάου Τρικούπη 15 πλησίον Α' Νεκροταφείου. Πληροφορίαι παρὰ τῷ ἰδίῳ.
ΜΗ ΠΛΑΝΑΣΘΕ
Μόνον εἰς τὸ
ΘΕΡΑΠΕΥΤΙΚΟΝ ΙΝΣΤΙΤΟΥΤΟΝ
ΑΘΗΝΩΝ
ΘΕΡΑΠΕΥΕΤΑΙ ΕΠΙΣΤΗΜΟΝΙΚΩΣ
Η ΚΗΛΗ
ΜΗ ΠΛΑΝΑΣΘΕ
